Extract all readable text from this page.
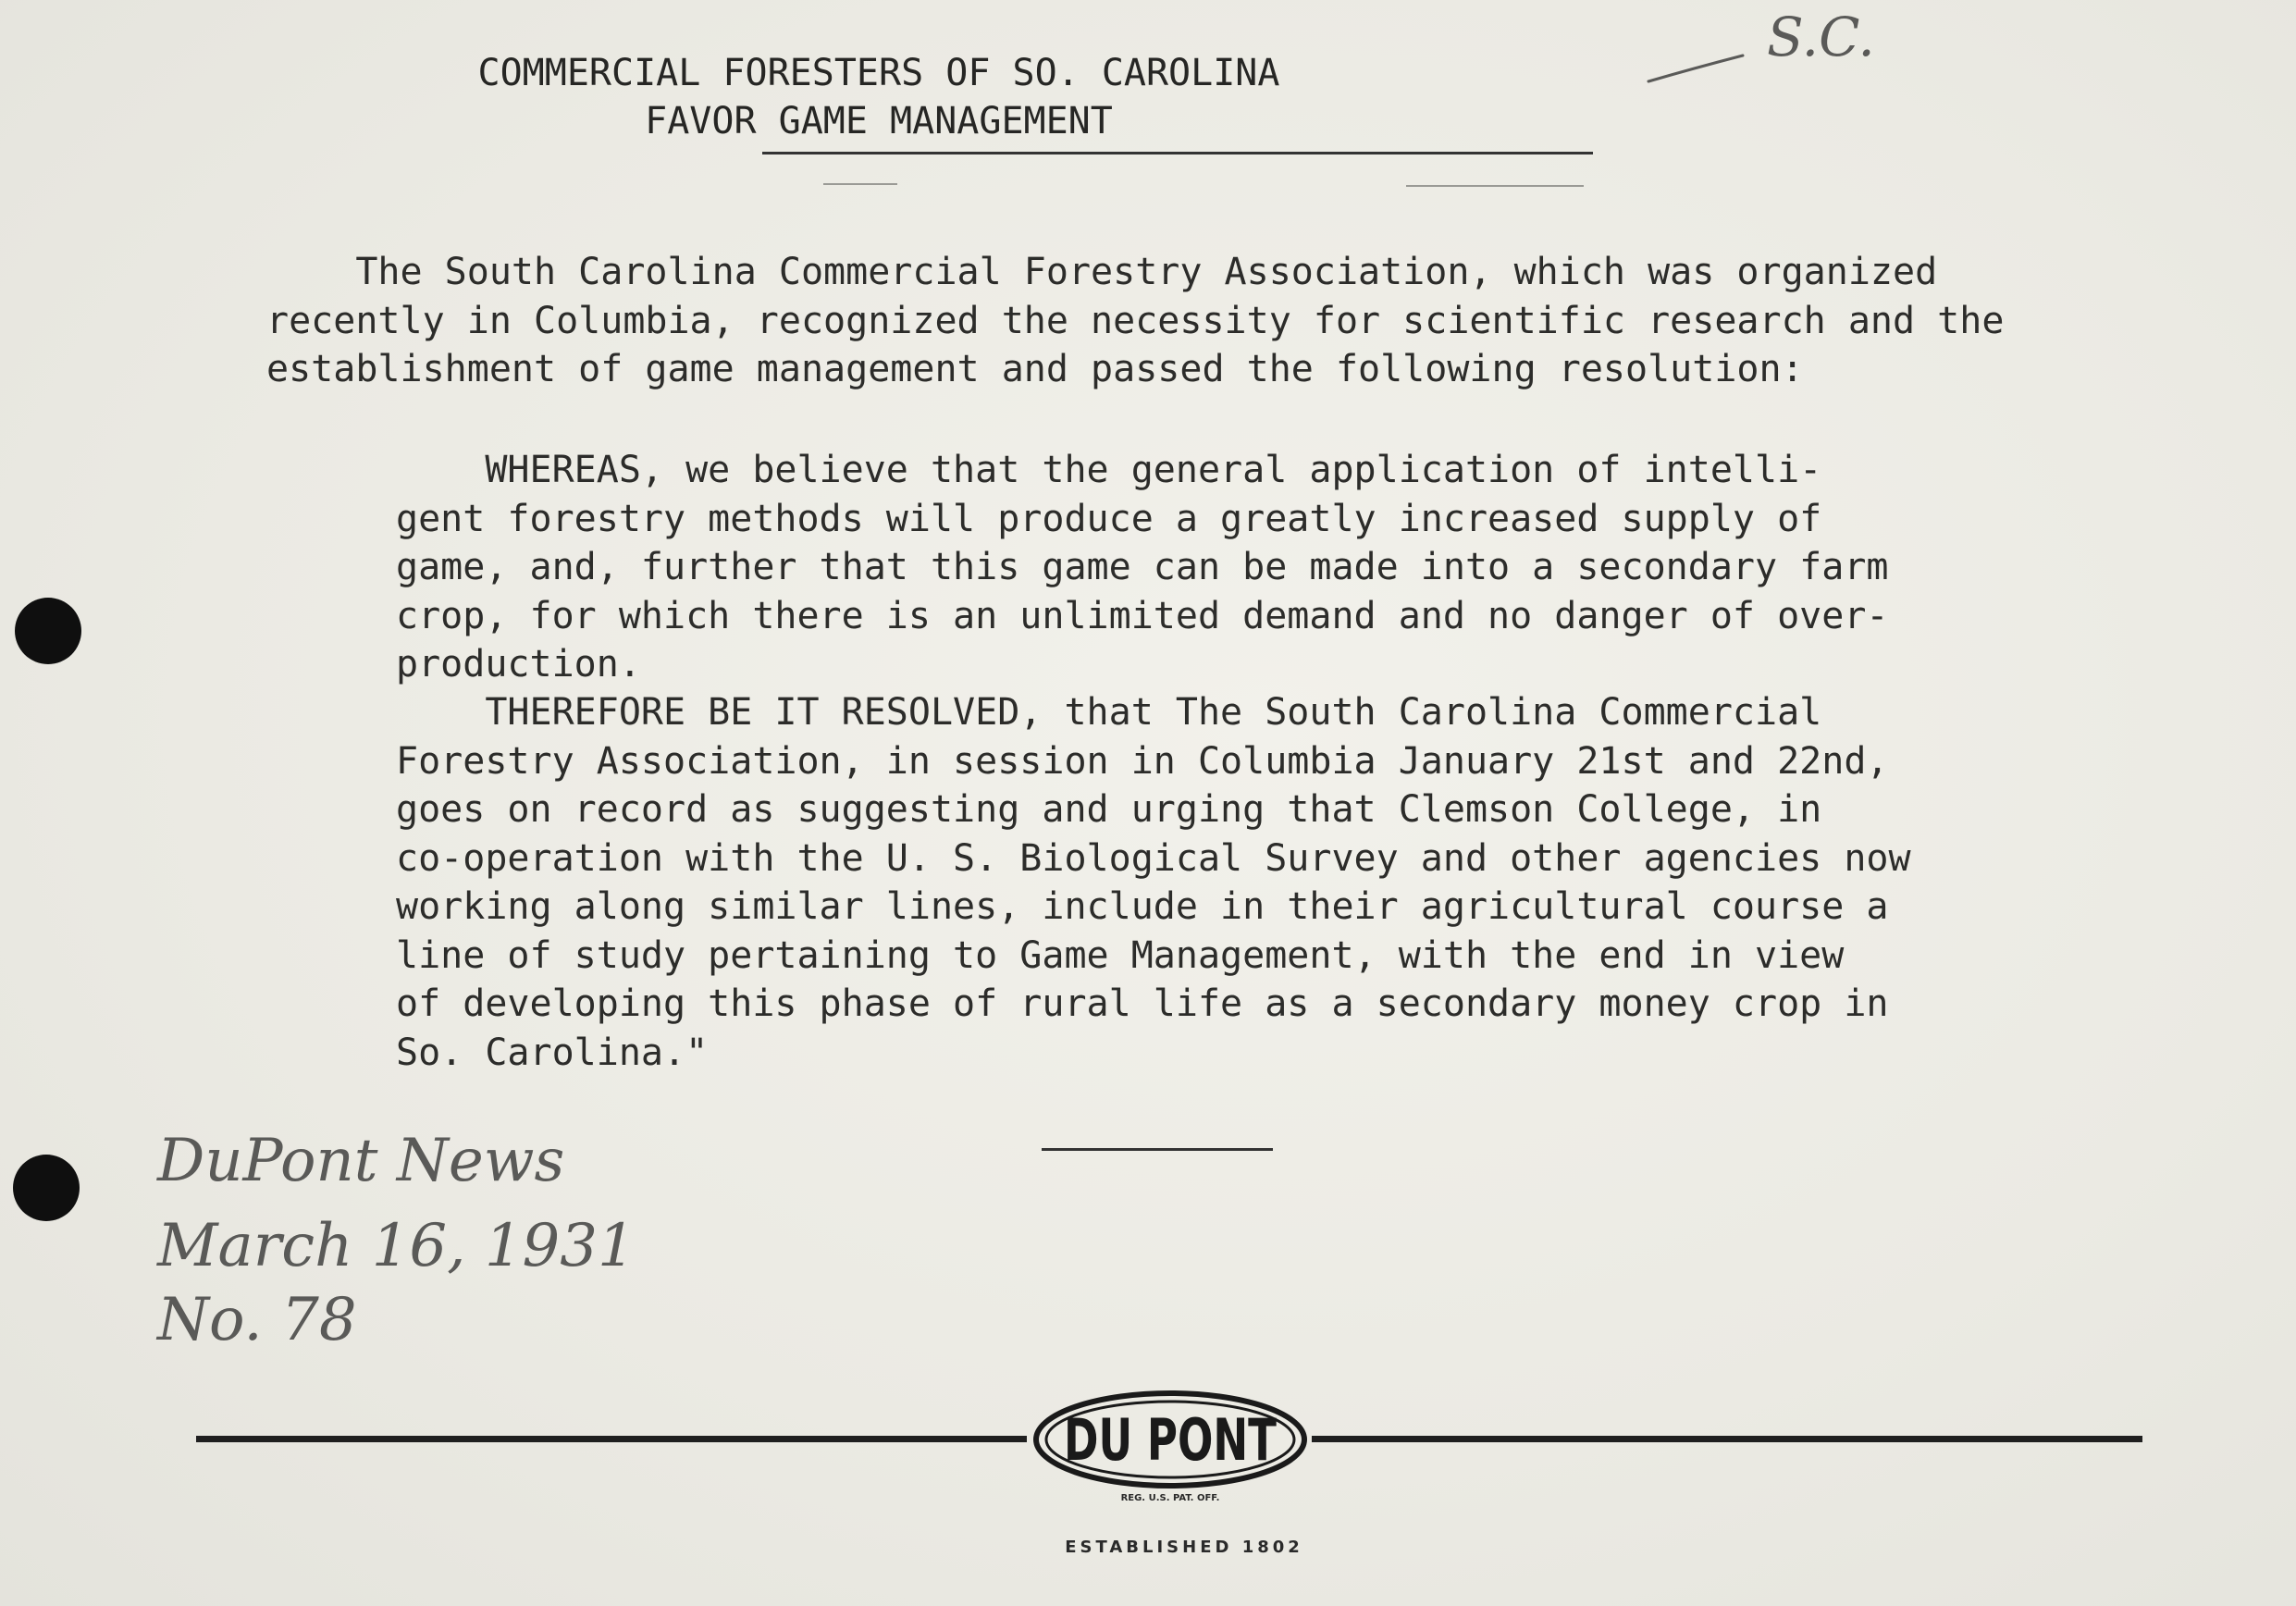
COMMERCIAL FORESTERS OF SO. CAROLINA
FAVOR GAME MANAGEMENT
S.C.
The South Carolina Commercial Forestry Association, which was organized
recently in Columbia, recognized the necessity for scientific research and the
establishment of game management and passed the following resolution:
WHEREAS, we believe that the general application of intelli-
gent forestry methods will produce a greatly increased supply of
game, and, further that this game can be made into a secondary farm
crop, for which there is an unlimited demand and no danger of over-
production.
THEREFORE BE IT RESOLVED, that The South Carolina Commercial
Forestry Association, in session in Columbia January 21st and 22nd,
goes on record as suggesting and urging that Clemson College, in
co-operation with the U. S. Biological Survey and other agencies now
working along similar lines, include in their agricultural course a
line of study pertaining to Game Management, with the end in view
of developing this phase of rural life as a secondary money crop in
So. Carolina."
DuPont News
March 16, 1931
No. 78
DU PONT
REG. U.S. PAT. OFF.
ESTABLISHED 1802
